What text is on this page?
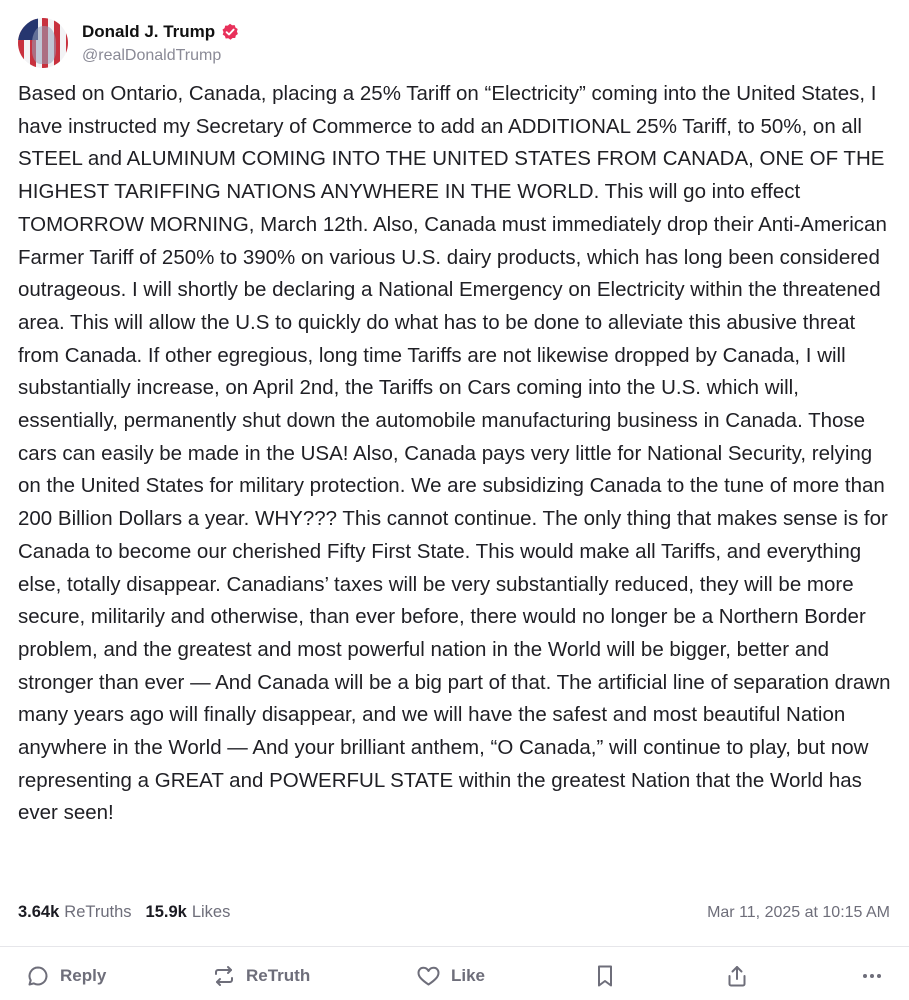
Donald J. Trump
@realDonaldTrump

Based on Ontario, Canada, placing a 25% Tariff on “Electricity” coming into the United States, I have instructed my Secretary of Commerce to add an ADDITIONAL 25% Tariff, to 50%, on all STEEL and ALUMINUM COMING INTO THE UNITED STATES FROM CANADA, ONE OF THE HIGHEST TARIFFING NATIONS ANYWHERE IN THE WORLD. This will go into effect TOMORROW MORNING, March 12th. Also, Canada must immediately drop their Anti-American Farmer Tariff of 250% to 390% on various U.S. dairy products, which has long been considered outrageous. I will shortly be declaring a National Emergency on Electricity within the threatened area. This will allow the U.S to quickly do what has to be done to alleviate this abusive threat from Canada. If other egregious, long time Tariffs are not likewise dropped by Canada, I will substantially increase, on April 2nd, the Tariffs on Cars coming into the U.S. which will, essentially, permanently shut down the automobile manufacturing business in Canada. Those cars can easily be made in the USA! Also, Canada pays very little for National Security, relying on the United States for military protection. We are subsidizing Canada to the tune of more than 200 Billion Dollars a year. WHY??? This cannot continue. The only thing that makes sense is for Canada to become our cherished Fifty First State. This would make all Tariffs, and everything else, totally disappear. Canadians’ taxes will be very substantially reduced, they will be more secure, militarily and otherwise, than ever before, there would no longer be a Northern Border problem, and the greatest and most powerful nation in the World will be bigger, better and stronger than ever — And Canada will be a big part of that. The artificial line of separation drawn many years ago will finally disappear, and we will have the safest and most beautiful Nation anywhere in the World — And your brilliant anthem, “O Canada,” will continue to play, but now representing a GREAT and POWERFUL STATE within the greatest Nation that the World has ever seen!

3.64k ReTruths 15.9k Likes	Mar 11, 2025 at 10:15 AM
Reply	ReTruth	Like
